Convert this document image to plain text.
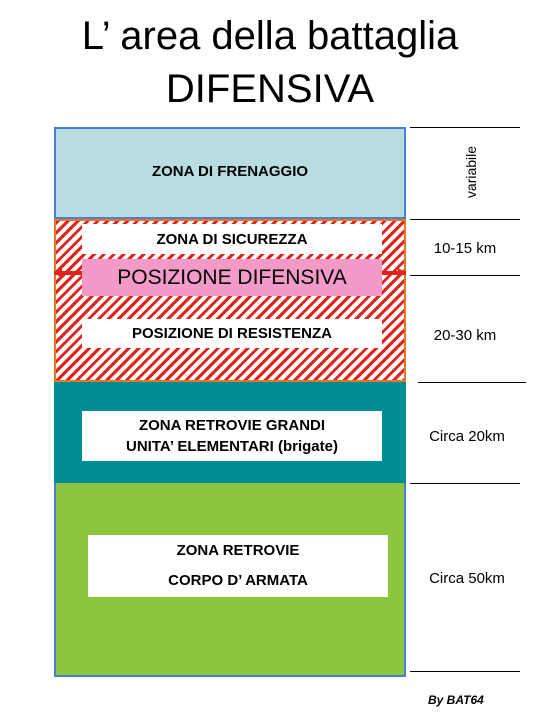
L’ area della battaglia
DIFENSIVA
ZONA DI FRENAGGIO
ZONA DI SICUREZZA
POSIZIONE DIFENSIVA
POSIZIONE DI RESISTENZA
ZONA RETROVIE GRANDI
UNITA’ ELEMENTARI (brigate)
ZONA RETROVIE
CORPO D’ ARMATA
variabile
10-15 km
20-30 km
Circa 20km
Circa 50km
By BAT64
